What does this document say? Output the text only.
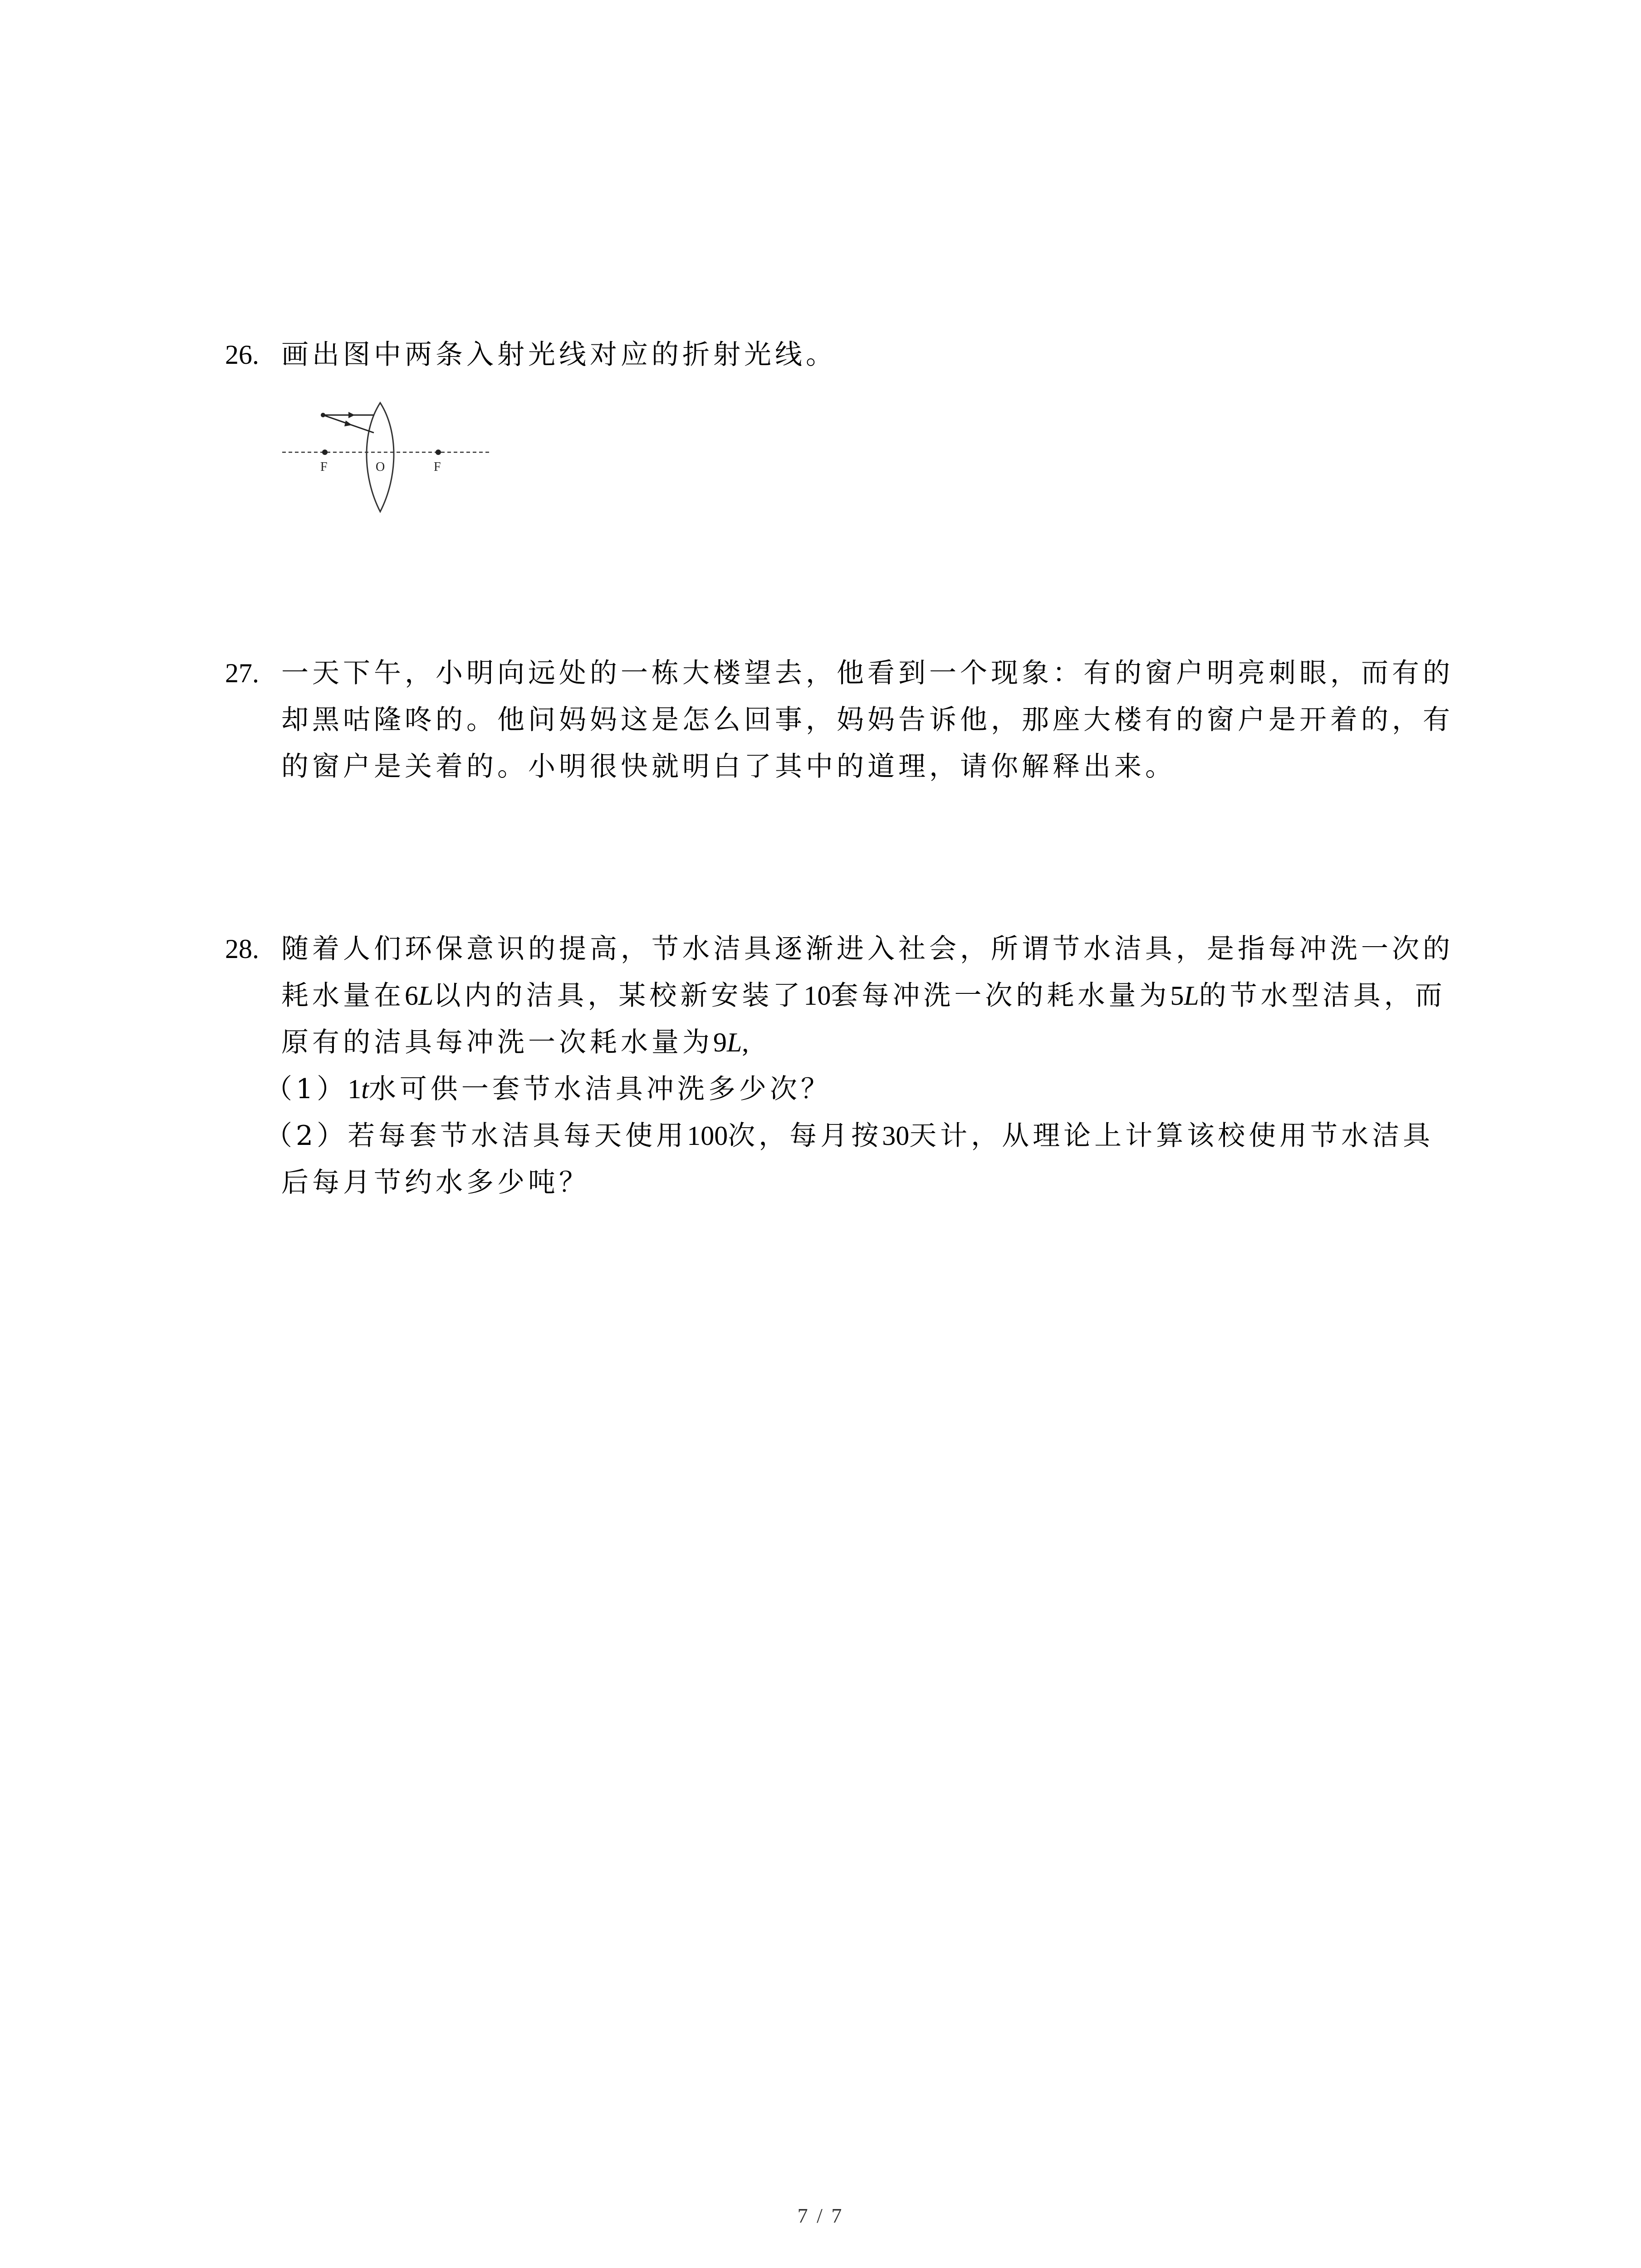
26. 画出图中两条入射光线对应的折射光线。
F	O	F
27. 一天下午，小明向远处的一栋大楼望去，他看到一个现象：有的窗户明亮刺眼，而有的
却黑咕隆咚的。他问妈妈这是怎么回事，妈妈告诉他，那座大楼有的窗户是开着的，有
的窗户是关着的。小明很快就明白了其中的道理，请你解释出来。
28. 随着人们环保意识的提高，节水洁具逐渐进入社会，所谓节水洁具，是指每冲洗一次的
耗水量在6L以内的洁具，某校新安装了10套每冲洗一次的耗水量为5L的节水型洁具，而
原有的洁具每冲洗一次耗水量为9L,
（1）1t水可供一套节水洁具冲洗多少次？
（2）若每套节水洁具每天使用100次，每月按30天计，从理论上计算该校使用节水洁具
后每月节约水多少吨？
7 / 7
